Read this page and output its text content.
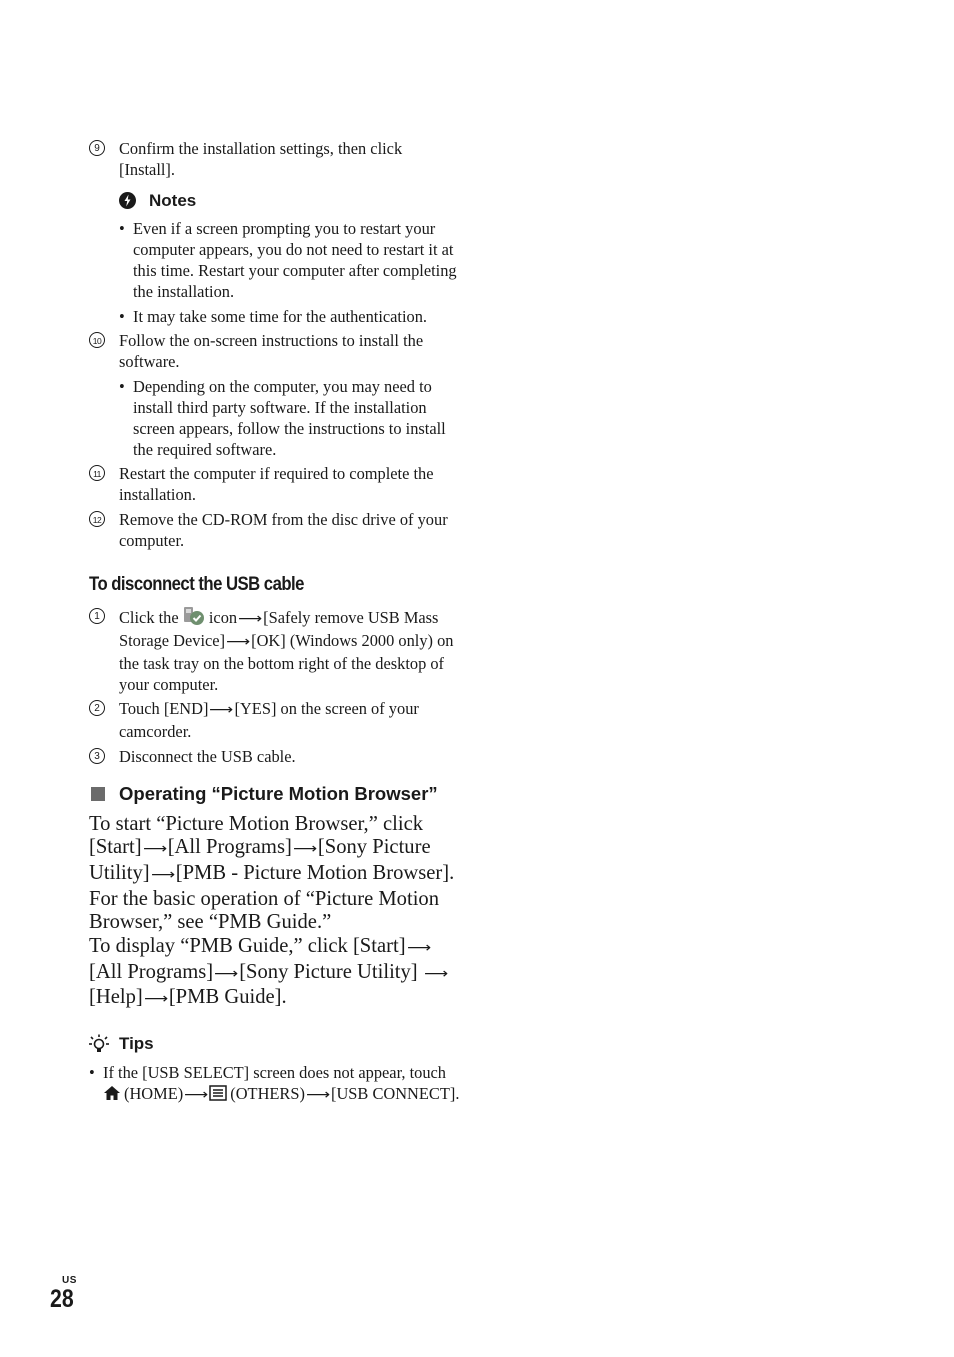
9	Confirm the installation settings, then click [Install].
Notes
• Even if a screen prompting you to restart your computer appears, you do not need to restart it at this time. Restart your computer after completing the installation.
• It may take some time for the authentication.
10 Follow the on-screen instructions to install the software.
• Depending on the computer, you may need to install third party software. If the installation screen appears, follow the instructions to install the required software.
11 Restart the computer if required to complete the installation.
12 Remove the CD-ROM from the disc drive of your computer.
To disconnect the USB cable
1	Click the icon⟶[Safely remove USB Mass Storage Device]⟶[OK] (Windows 2000 only) on the task tray on the bottom right of the desktop of your computer.
2	Touch [END]⟶[YES] on the screen of your camcorder.
3	Disconnect the USB cable.
Operating “Picture Motion Browser”
To start “Picture Motion Browser,” click [Start]⟶[All Programs]⟶[Sony Picture Utility]⟶[PMB - Picture Motion Browser].
For the basic operation of “Picture Motion Browser,” see “PMB Guide.”
To display “PMB Guide,” click [Start]⟶[All Programs]⟶[Sony Picture Utility] ⟶[Help]⟶[PMB Guide].
Tips
• If the [USB SELECT] screen does not appear, touch (HOME)⟶ (OTHERS)⟶[USB CONNECT].
US
28
